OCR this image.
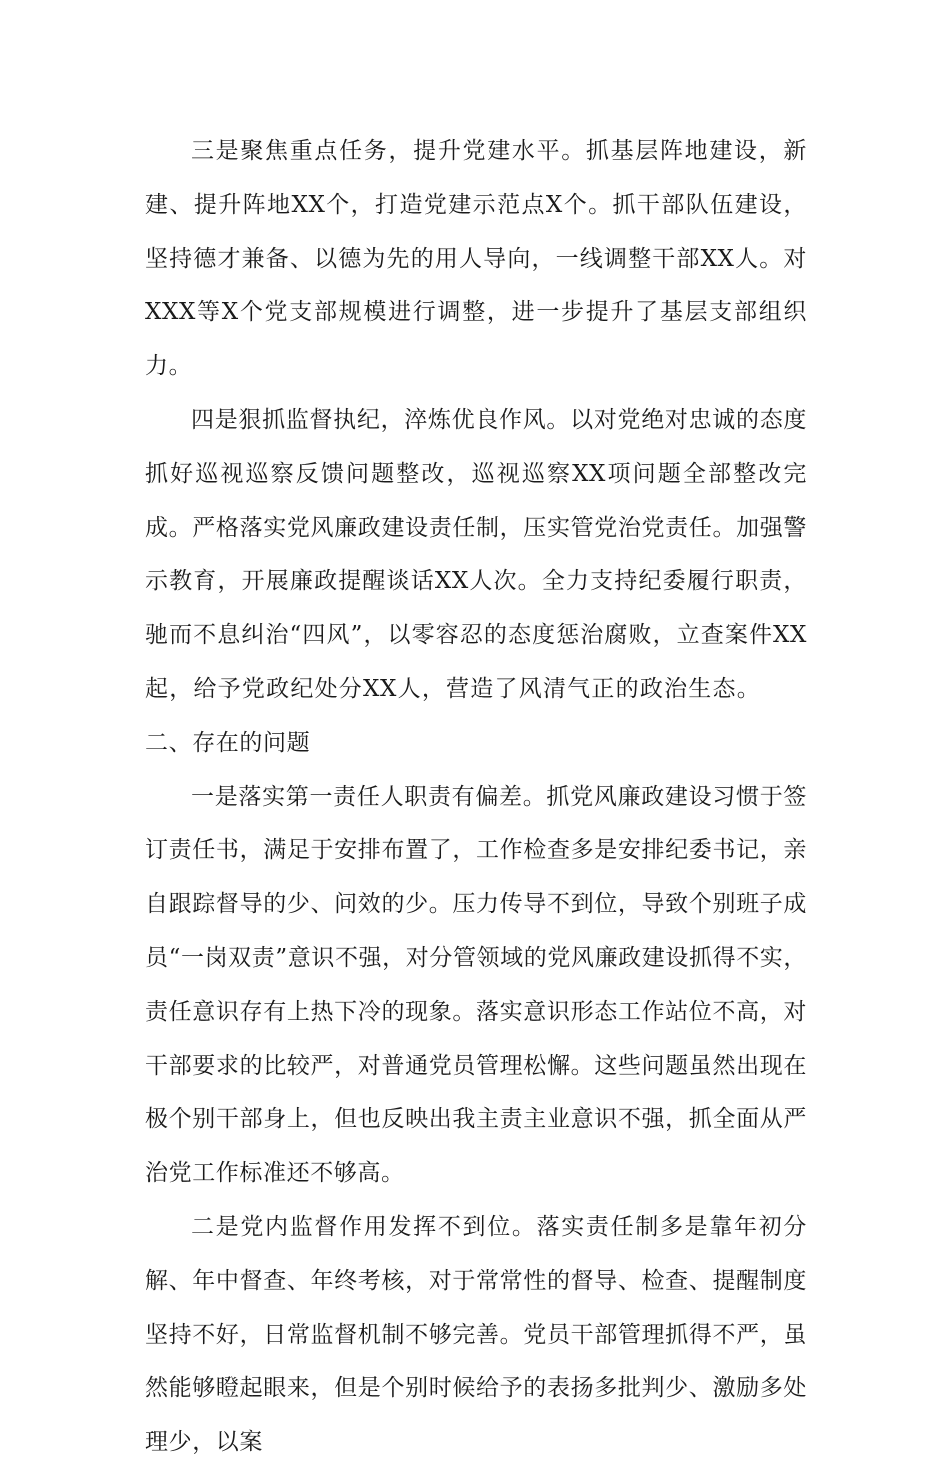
三是聚焦重点任务，提升党建水平。抓基层阵地建设，新建、提升阵地XX个，打造党建示范点X个。抓干部队伍建设，坚持德才兼备、以德为先的用人导向，一线调整干部XX人。对XXX等X个党支部规模进行调整，进一步提升了基层支部组织力。

四是狠抓监督执纪，淬炼优良作风。以对党绝对忠诚的态度抓好巡视巡察反馈问题整改，巡视巡察XX项问题全部整改完成。严格落实党风廉政建设责任制，压实管党治党责任。加强警示教育，开展廉政提醒谈话XX人次。全力支持纪委履行职责，驰而不息纠治“四风”，以零容忍的态度惩治腐败，立查案件XX起，给予党政纪处分XX人，营造了风清气正的政治生态。二、存在的问题

一是落实第一责任人职责有偏差。抓党风廉政建设习惯于签订责任书，满足于安排布置了，工作检查多是安排纪委书记，亲自跟踪督导的少、问效的少。压力传导不到位，导致个别班子成员“一岗双责”意识不强，对分管领域的党风廉政建设抓得不实，责任意识存有上热下冷的现象。落实意识形态工作站位不高，对干部要求的比较严，对普通党员管理松懈。这些问题虽然出现在极个别干部身上，但也反映出我主责主业意识不强，抓全面从严治党工作标准还不够高。

二是党内监督作用发挥不到位。落实责任制多是靠年初分解、年中督查、年终考核，对于常常性的督导、检查、提醒制度坚持不好，日常监督机制不够完善。党员干部管理抓得不严，虽然能够瞪起眼来，但是个别时候给予的表扬多批判少、激励多处理少，以案
